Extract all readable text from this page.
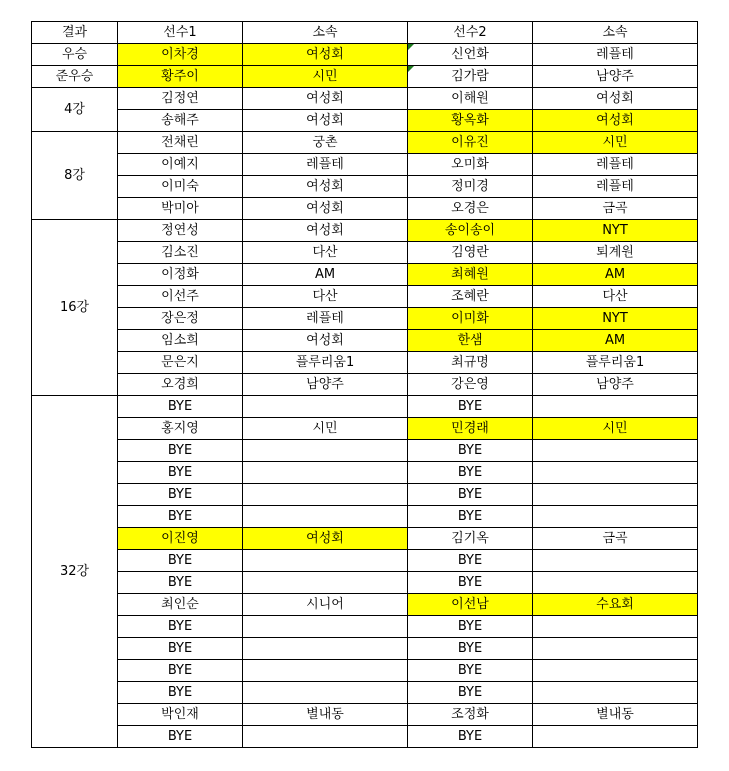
결과	선수1	소속	선수2	소속
우승	이차경	여성회	신언화	레플테
준우승	황주이	시민	김가람	남양주
4강	김정연	여성회	이해원	여성회
	송해주	여성회	황옥화	여성회
8강	전채린	궁촌	이유진	시민
	이예지	레플테	오미화	레플테
	이미숙	여성회	정미경	레플테
	박미아	여성회	오경은	금곡
16강	정연성	여성회	송이송이	NYT
	김소진	다산	김영란	퇴계원
	이정화	AM	최혜원	AM
	이선주	다산	조혜란	다산
	장은정	레플테	이미화	NYT
	임소희	여성회	한샘	AM
	문은지	플루리움1	최규명	플루리움1
	오경희	남양주	강은영	남양주
32강	BYE		BYE	
	홍지영	시민	민경래	시민
	BYE		BYE	
	BYE		BYE	
	BYE		BYE	
	BYE		BYE	
	이진영	여성회	김기옥	금곡
	BYE		BYE	
	BYE		BYE	
	최인순	시니어	이선남	수요회
	BYE		BYE	
	BYE		BYE	
	BYE		BYE	
	BYE		BYE	
	박인재	별내동	조정화	별내동
	BYE		BYE	
